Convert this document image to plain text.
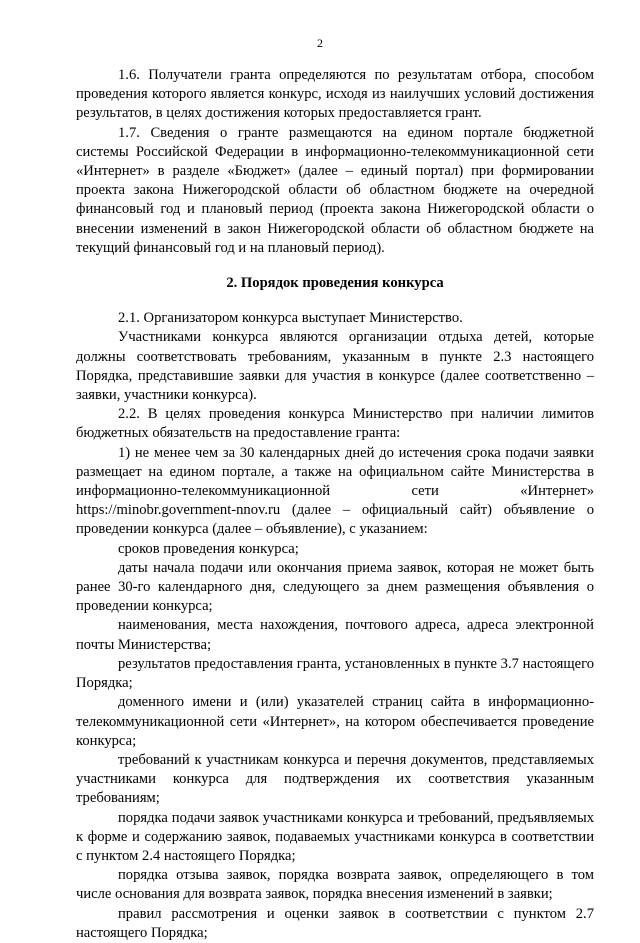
2

1.6. Получатели гранта определяются по результатам отбора, способом проведения которого является конкурс, исходя из наилучших условий достижения результатов, в целях достижения которых предоставляется грант.

1.7. Сведения о гранте размещаются на едином портале бюджетной системы Российской Федерации в информационно-телекоммуникационной сети «Интернет» в разделе «Бюджет» (далее – единый портал) при формировании проекта закона Нижегородской области об областном бюджете на очередной финансовый год и плановый период (проекта закона Нижегородской области о внесении изменений в закон Нижегородской области об областном бюджете на текущий финансовый год и на плановый период).

2. Порядок проведения конкурса

2.1. Организатором конкурса выступает Министерство.

Участниками конкурса являются организации отдыха детей, которые должны соответствовать требованиям, указанным в пункте 2.3 настоящего Порядка, представившие заявки для участия в конкурсе (далее соответственно – заявки, участники конкурса).

2.2. В целях проведения конкурса Министерство при наличии лимитов бюджетных обязательств на предоставление гранта:

1) не менее чем за 30 календарных дней до истечения срока подачи заявки размещает на едином портале, а также на официальном сайте Министерства в информационно-телекоммуникационной сети «Интернет» https://minobr.government-nnov.ru (далее – официальный сайт) объявление о проведении конкурса (далее – объявление), с указанием:

сроков проведения конкурса;

даты начала подачи или окончания приема заявок, которая не может быть ранее 30-го календарного дня, следующего за днем размещения объявления о проведении конкурса;

наименования, места нахождения, почтового адреса, адреса электронной почты Министерства;

результатов предоставления гранта, установленных в пункте 3.7 настоящего Порядка;

доменного имени и (или) указателей страниц сайта в информационно-телекоммуникационной сети «Интернет», на котором обеспечивается проведение конкурса;

требований к участникам конкурса и перечня документов, представляемых участниками конкурса для подтверждения их соответствия указанным требованиям;

порядка подачи заявок участниками конкурса и требований, предъявляемых к форме и содержанию заявок, подаваемых участниками конкурса в соответствии с пунктом 2.4 настоящего Порядка;

порядка отзыва заявок, порядка возврата заявок, определяющего в том числе основания для возврата заявок, порядка внесения изменений в заявки;

правил рассмотрения и оценки заявок в соответствии с пунктом 2.7 настоящего Порядка;
